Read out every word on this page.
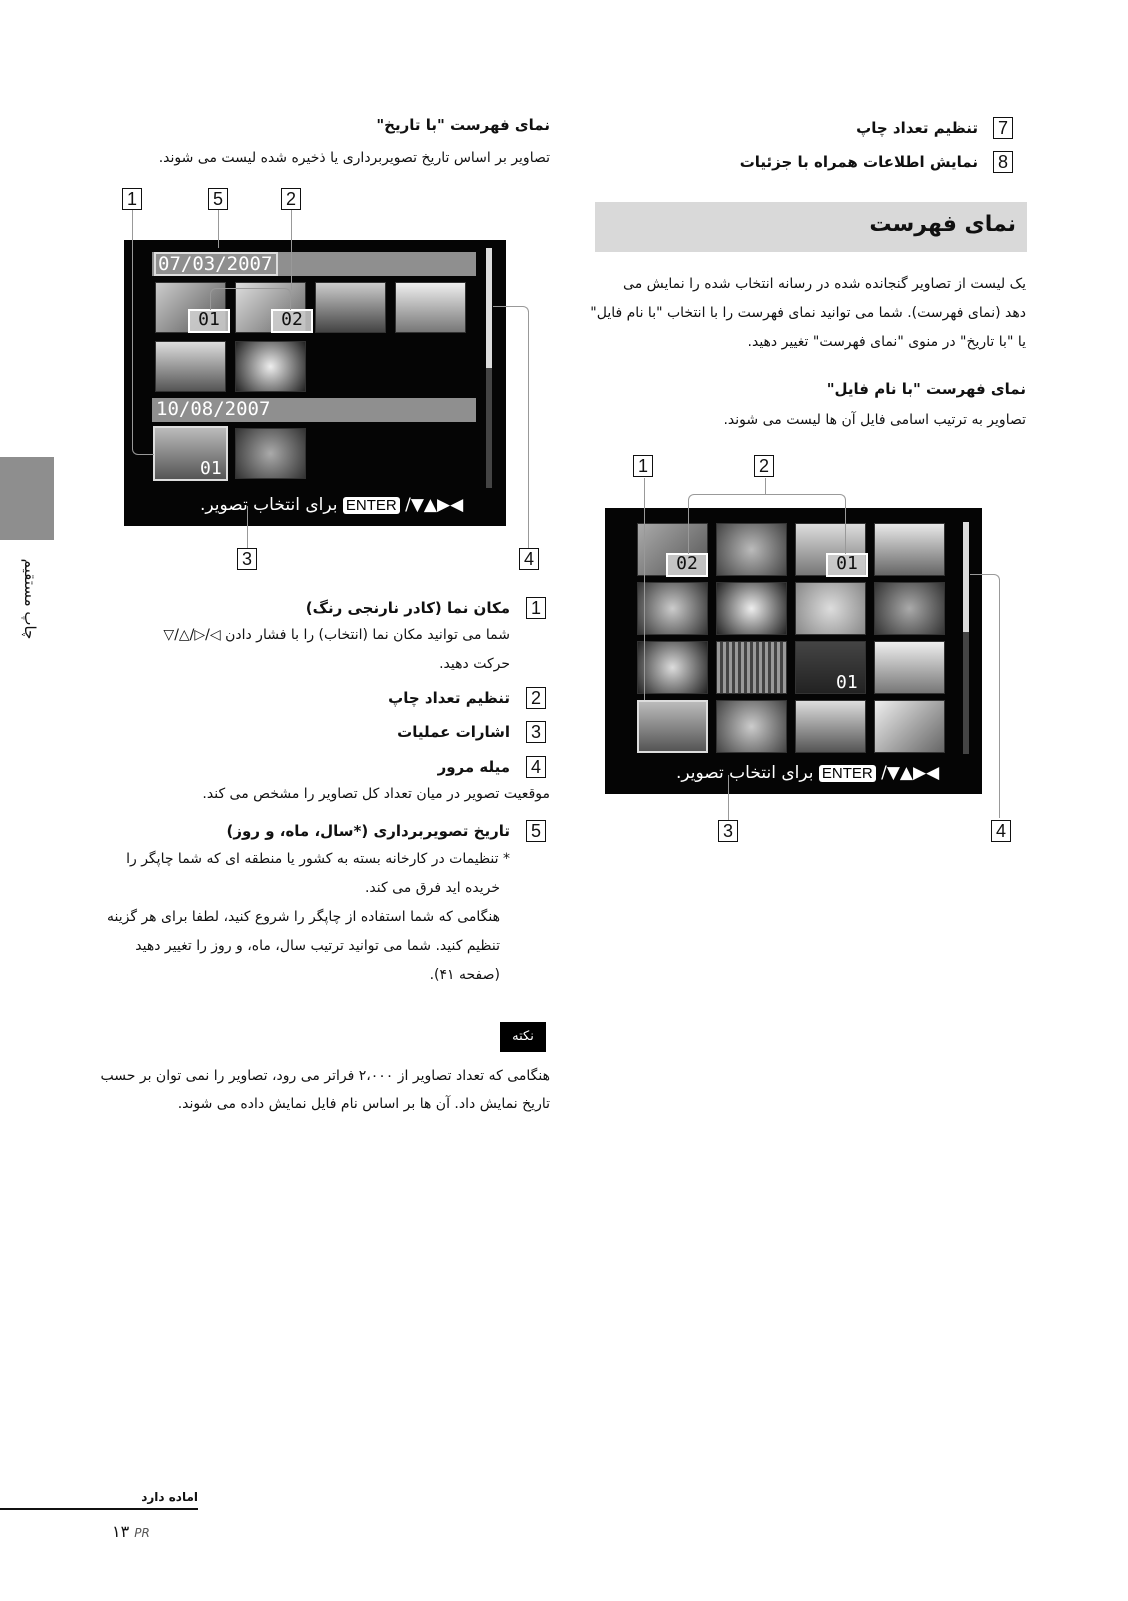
7
تنظیم تعداد چاپ
8
نمایش اطلاعات همراه با جزئیات
نمای فهرست
یک لیست از تصاویر گنجانده شده در رسانه انتخاب شده را نمایش می
دهد (نمای فهرست). شما می توانید نمای فهرست را با انتخاب "با نام فایل"
یا "با تاریخ" در منوی "نمای فهرست" تغییر دهید.
نمای فهرست "با نام فایل"
تصاویر به ترتیب اسامی فایل آن ها لیست می شوند.
1	2
02	01
01
◀▶▲▼/ ENTER برای انتخاب تصویر.
3	4
نمای فهرست "با تاریخ"
تصاویر بر اساس تاریخ تصویربرداری یا ذخیره شده لیست می شوند.
1	5	2
07/03/2007
10/08/2007
01	02
01
◀▶▲▼/ ENTER برای انتخاب تصویر.
3	4
1
مکان نما (کادر نارنجی رنگ)
شما می توانید مکان نما (انتخاب) را با فشار دادن ◁/▷/△/▽
حرکت دهید.
2
تنظیم تعداد چاپ
3
اشارات عملیات
4
میله مرور
موقعیت تصویر در میان تعداد کل تصاویر را مشخص می کند.
5
تاریخ تصویربرداری (*سال، ماه، و روز)
* تنظیمات در کارخانه بسته به کشور یا منطقه ای که شما چاپگر را
خریده اید فرق می کند.
هنگامی که شما استفاده از چاپگر را شروع کنید، لطفا برای هر گزینه
تنظیم کنید. شما می توانید ترتیب سال، ماه، و روز را تغییر دهید
(صفحه ۴۱).
نکته
هنگامی که تعداد تصاویر از ۲،۰۰۰ فراتر می رود، تصاویر را نمی توان بر حسب
تاریخ نمایش داد. آن ها بر اساس نام فایل نمایش داده می شوند.
چاپ مستقیم
اماده دارد
۱۳ PR
